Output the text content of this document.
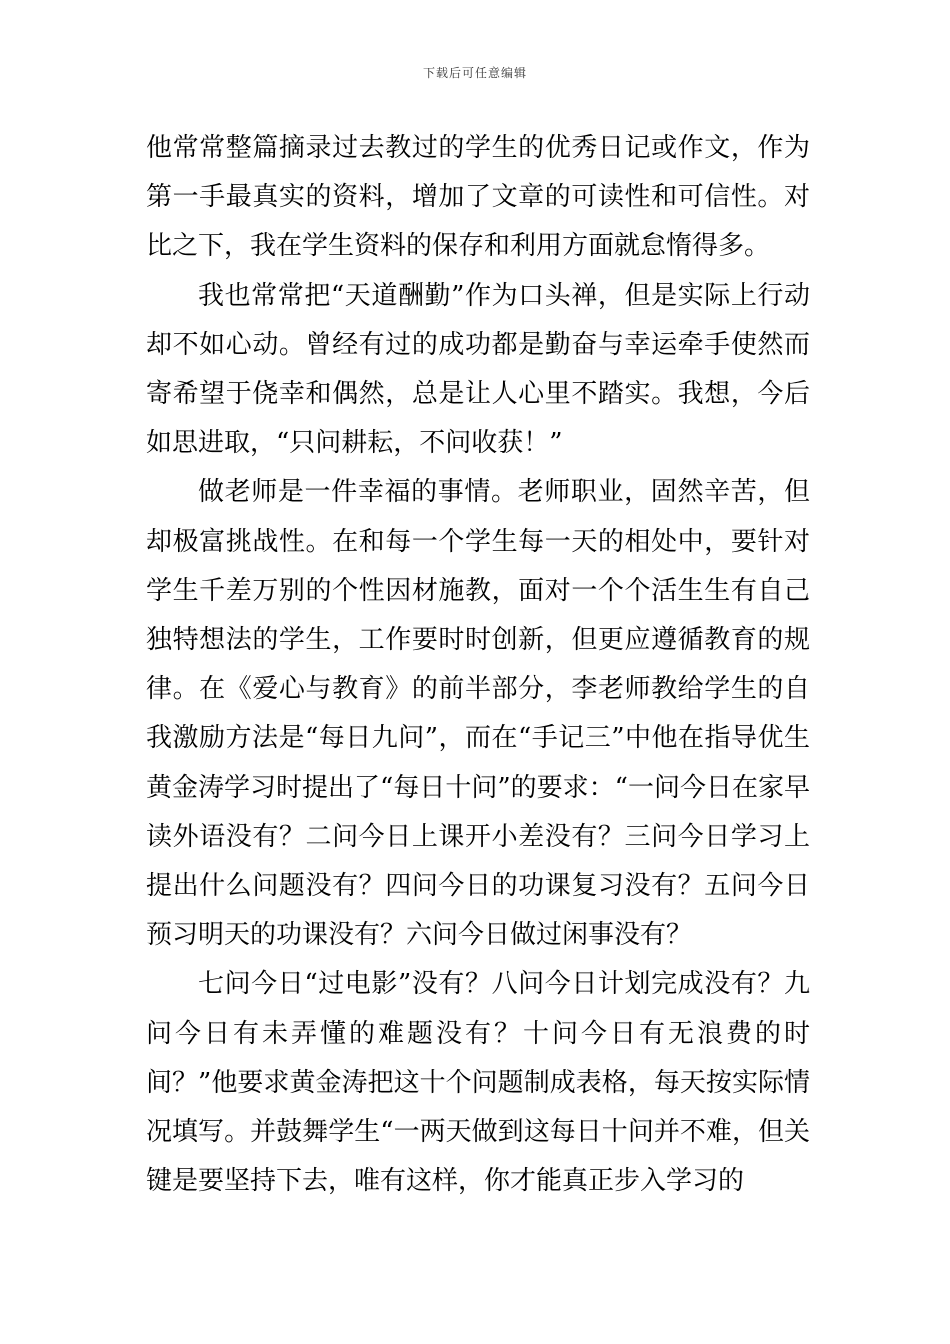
下载后可任意编辑

他常常整篇摘录过去教过的学生的优秀日记或作文，作为第一手最真实的资料，增加了文章的可读性和可信性。对比之下，我在学生资料的保存和利用方面就怠惰得多。

我也常常把“天道酬勤”作为口头禅，但是实际上行动却不如心动。曾经有过的成功都是勤奋与幸运牵手使然而寄希望于侥幸和偶然，总是让人心里不踏实。我想，今后如思进取，“只问耕耘，不问收获！”

做老师是一件幸福的事情。老师职业，固然辛苦，但却极富挑战性。在和每一个学生每一天的相处中，要针对学生千差万别的个性因材施教，面对一个个活生生有自己独特想法的学生，工作要时时创新，但更应遵循教育的规律。在《爱心与教育》的前半部分，李老师教给学生的自我激励方法是“每日九问”，而在“手记三”中他在指导优生黄金涛学习时提出了“每日十问”的要求：“一问今日在家早读外语没有？二问今日上课开小差没有？三问今日学习上提出什么问题没有？四问今日的功课复习没有？五问今日预习明天的功课没有？六问今日做过闲事没有？

七问今日“过电影”没有？八问今日计划完成没有？九问今日有未弄懂的难题没有？十问今日有无浪费的时间？”他要求黄金涛把这十个问题制成表格，每天按实际情况填写。并鼓舞学生“一两天做到这每日十问并不难，但关键是要坚持下去，唯有这样，你才能真正步入学习的
